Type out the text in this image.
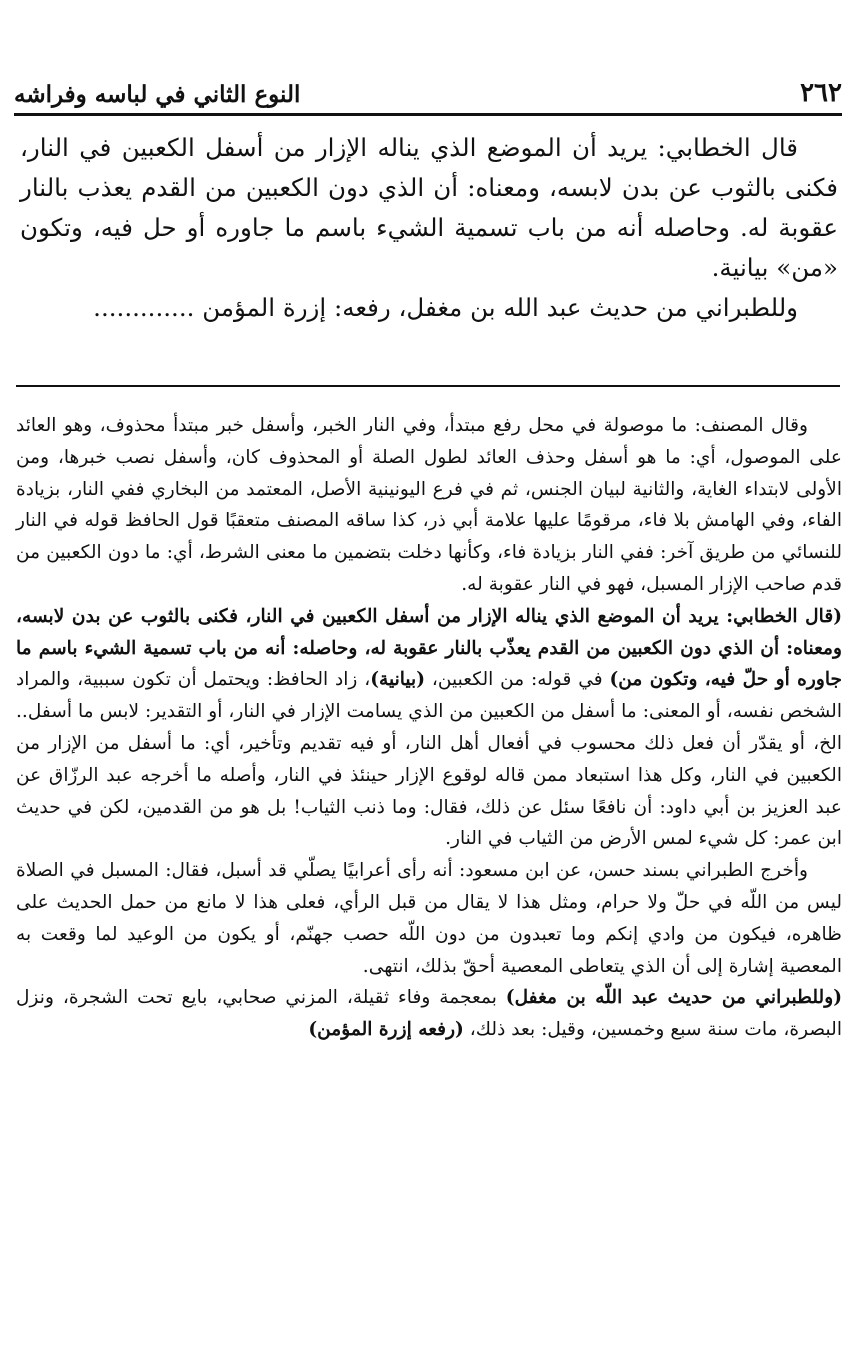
٢٦٢
النوع الثاني في لباسه وفراشه

قال الخطابي: يريد أن الموضع الذي يناله الإزار من أسفل الكعبين في النار، فكنى بالثوب عن بدن لابسه، ومعناه: أن الذي دون الكعبين من القدم يعذب بالنار عقوبة له. وحاصله أنه من باب تسمية الشيء باسم ما جاوره أو حل فيه، وتكون «من» بيانية.

وللطبراني من حديث عبد الله بن مغفل، رفعه: إزرة المؤمن .............

وقال المصنف: ما موصولة في محل رفع مبتدأ، وفي النار الخبر، وأسفل خبر مبتدأ محذوف، وهو العائد على الموصول، أي: ما هو أسفل وحذف العائد لطول الصلة أو المحذوف كان، وأسفل نصب خبرها، ومن الأولى لابتداء الغاية، والثانية لبيان الجنس، ثم في فرع اليونينية الأصل، المعتمد من البخاري ففي النار، بزيادة الفاء، وفي الهامش بلا فاء، مرقومًا عليها علامة أبي ذر، كذا ساقه المصنف متعقبًا قول الحافظ قوله في النار للنسائي من طريق آخر: ففي النار بزيادة فاء، وكأنها دخلت بتضمين ما معنى الشرط، أي: ما دون الكعبين من قدم صاحب الإزار المسبل، فهو في النار عقوبة له.

(قال الخطابي: يريد أن الموضع الذي يناله الإزار من أسفل الكعبين في النار، فكنى بالثوب عن بدن لابسه، ومعناه: أن الذي دون الكعبين من القدم يعذّب بالنار عقوبة له، وحاصله: أنه من باب تسمية الشيء باسم ما جاوره أو حلّ فيه، وتكون من) في قوله: من الكعبين، (بيانية)، زاد الحافظ: ويحتمل أن تكون سببية، والمراد الشخص نفسه، أو المعنى: ما أسفل من الكعبين من الذي يسامت الإزار في النار، أو التقدير: لابس ما أسفل.. الخ، أو يقدّر أن فعل ذلك محسوب في أفعال أهل النار، أو فيه تقديم وتأخير، أي: ما أسفل من الإزار من الكعبين في النار، وكل هذا استبعاد ممن قاله لوقوع الإزار حينئذ في النار، وأصله ما أخرجه عبد الرزّاق عن عبد العزيز بن أبي داود: أن نافعًا سئل عن ذلك، فقال: وما ذنب الثياب! بل هو من القدمين، لكن في حديث ابن عمر: كل شيء لمس الأرض من الثياب في النار.

وأخرج الطبراني بسند حسن، عن ابن مسعود: أنه رأى أعرابيًا يصلّي قد أسبل، فقال: المسبل في الصلاة ليس من اللّه في حلّ ولا حرام، ومثل هذا لا يقال من قبل الرأي، فعلى هذا لا مانع من حمل الحديث على ظاهره، فيكون من وادي إنكم وما تعبدون من دون اللّه حصب جهنّم، أو يكون من الوعيد لما وقعت به المعصية إشارة إلى أن الذي يتعاطى المعصية أحقّ بذلك، انتهى.

(وللطبراني من حديث عبد اللّه بن مغفل) بمعجمة وفاء ثقيلة، المزني صحابي، بايع تحت الشجرة، ونزل البصرة، مات سنة سبع وخمسين، وقيل: بعد ذلك، (رفعه إزرة المؤمن)
